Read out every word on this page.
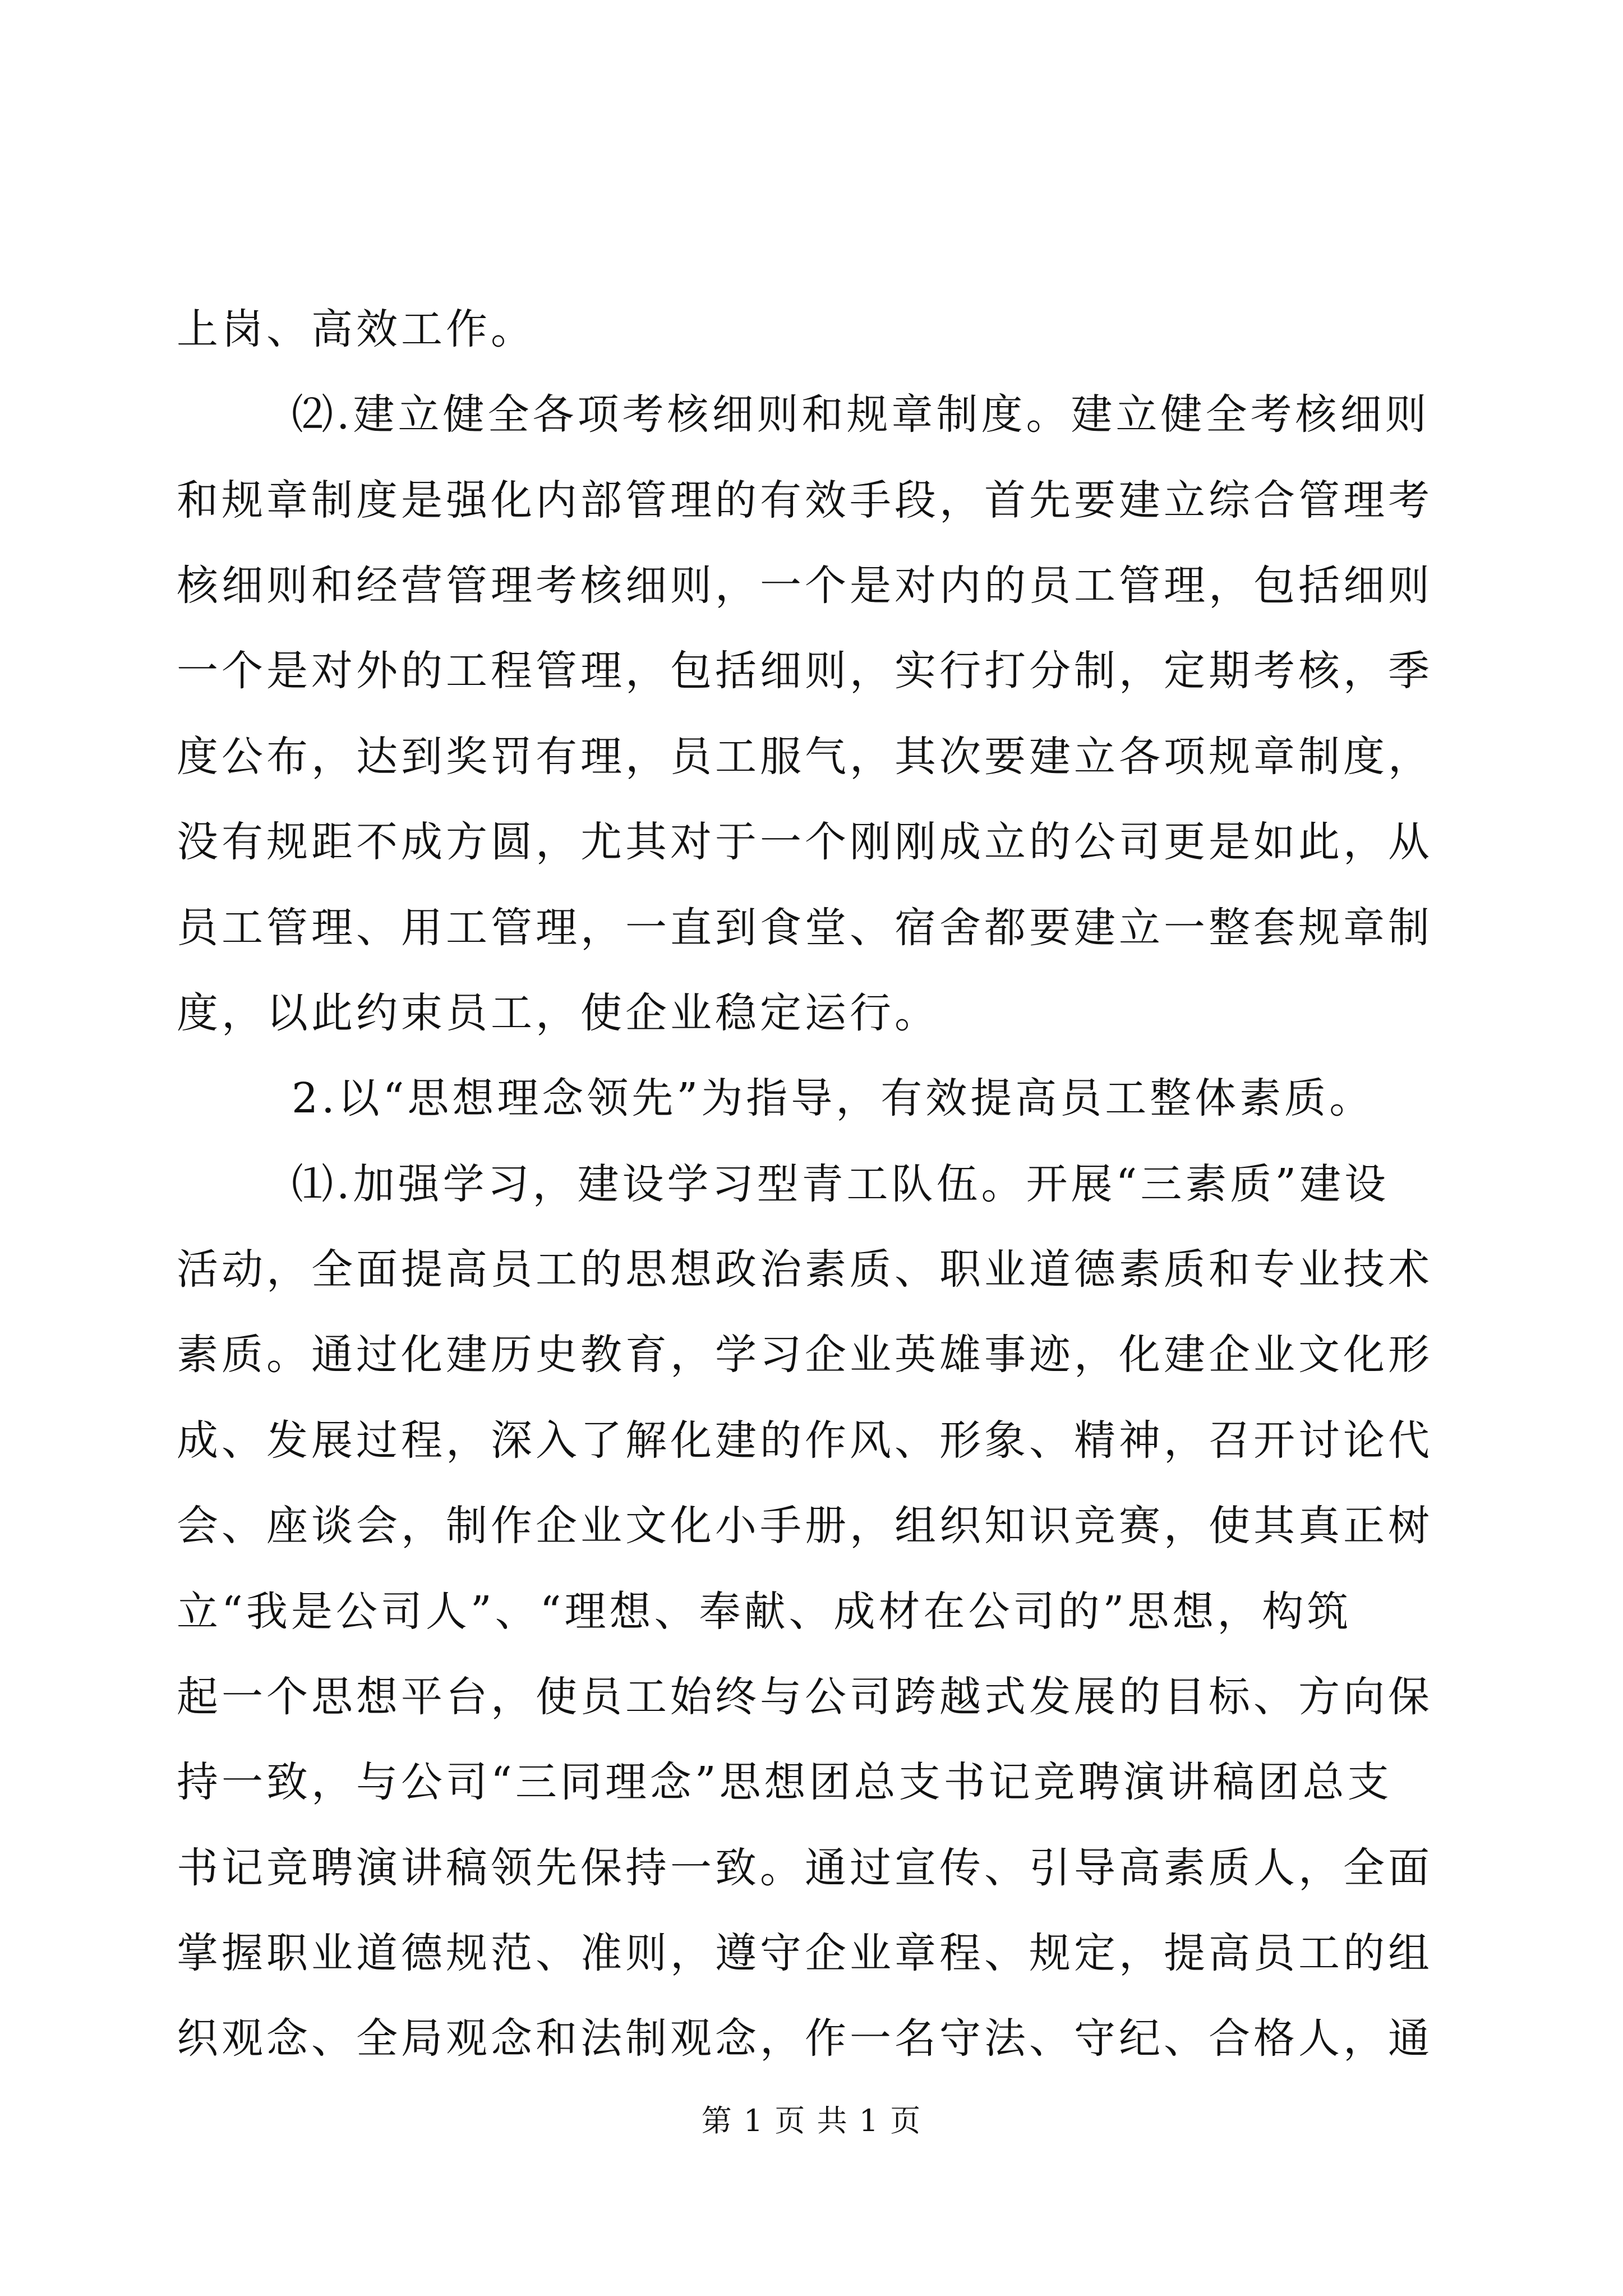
上岗、高效工作。
⑵.建立健全各项考核细则和规章制度。建立健全考核细则
和规章制度是强化内部管理的有效手段，首先要建立综合管理考
核细则和经营管理考核细则，一个是对内的员工管理，包括细则
一个是对外的工程管理，包括细则，实行打分制，定期考核，季
度公布，达到奖罚有理，员工服气，其次要建立各项规章制度，
没有规距不成方圆，尤其对于一个刚刚成立的公司更是如此，从
员工管理、用工管理，一直到食堂、宿舍都要建立一整套规章制
度，以此约束员工，使企业稳定运行。
2.以“思想理念领先”为指导，有效提高员工整体素质。
⑴.加强学习，建设学习型青工队伍。开展“三素质”建设
活动，全面提高员工的思想政治素质、职业道德素质和专业技术
素质。通过化建历史教育，学习企业英雄事迹，化建企业文化形
成、发展过程，深入了解化建的作风、形象、精神，召开讨论代
会、座谈会，制作企业文化小手册，组织知识竞赛，使其真正树
立“我是公司人”、“理想、奉献、成材在公司的”思想，构筑
起一个思想平台，使员工始终与公司跨越式发展的目标、方向保
持一致，与公司“三同理念”思想团总支书记竞聘演讲稿团总支
书记竞聘演讲稿领先保持一致。通过宣传、引导高素质人，全面
掌握职业道德规范、准则，遵守企业章程、规定，提高员工的组
织观念、全局观念和法制观念，作一名守法、守纪、合格人，通
第 1 页 共 1 页
